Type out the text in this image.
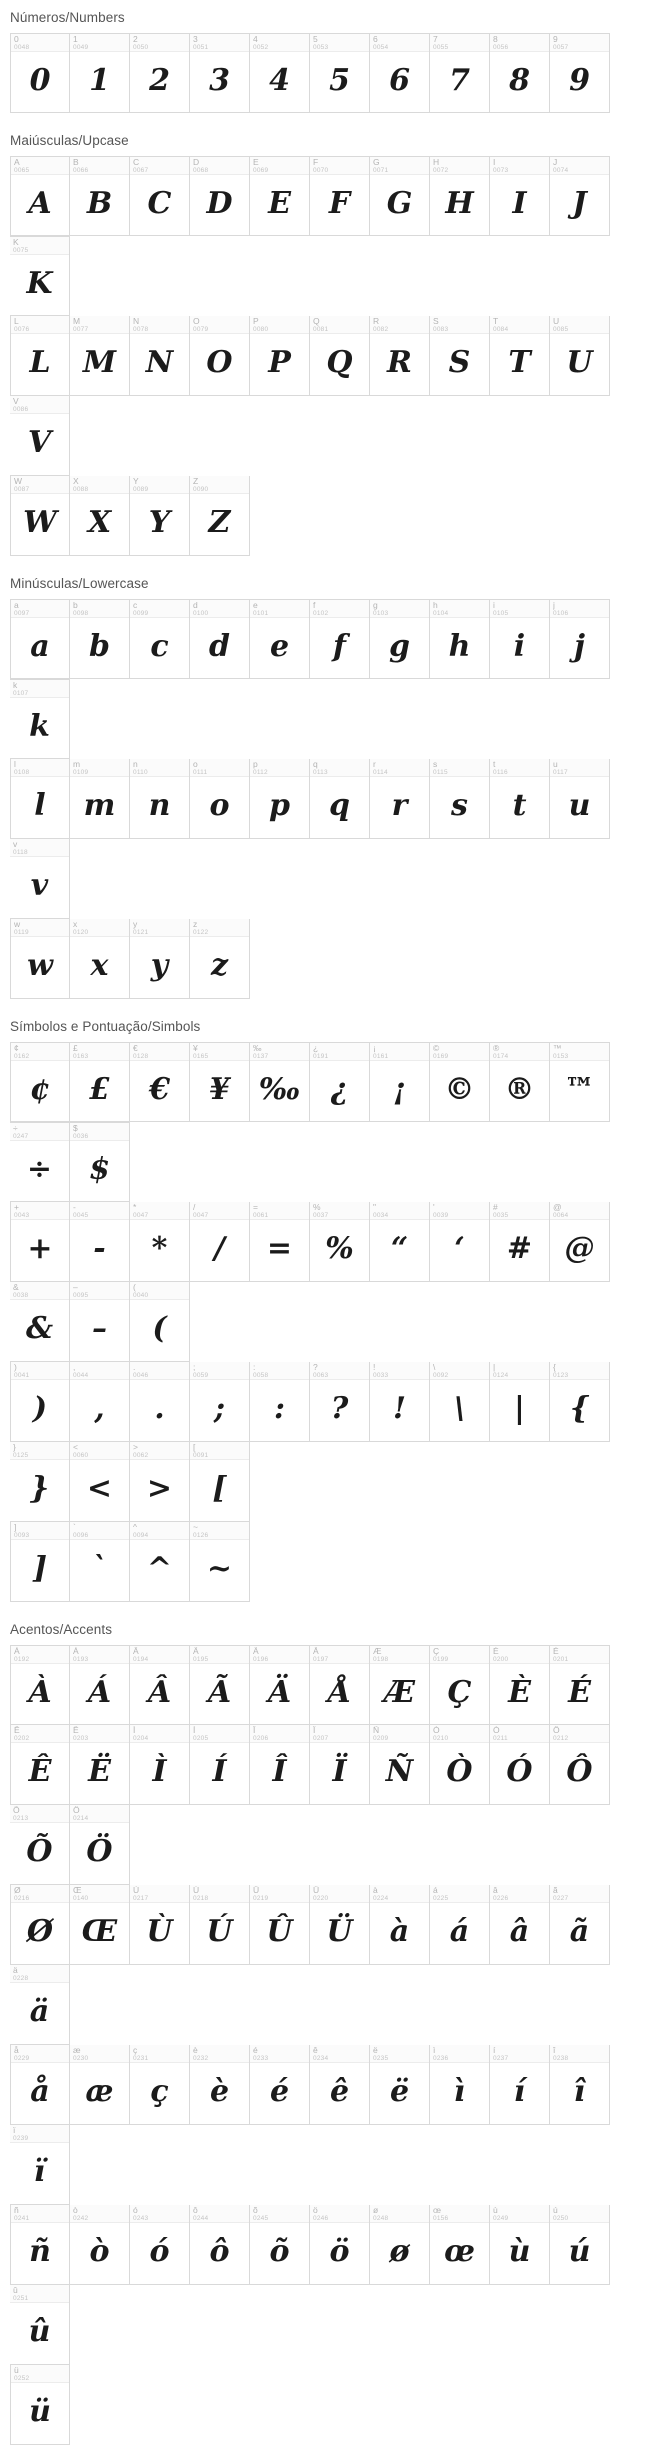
Números/Numbers
0
0048
0
1
0049
1
2
0050
2
3
0051
3
4
0052
4
5
0053
5
6
0054
6
7
0055
7
8
0056
8
9
0057
9
Maiúsculas/Upcase
A
0065
A
B
0066
B
C
0067
C
D
0068
D
E
0069
E
F
0070
F
G
0071
G
H
0072
H
I
0073
I
J
0074
J
K
0075
K
L
0076
L
M
0077
M
N
0078
N
O
0079
O
P
0080
P
Q
0081
Q
R
0082
R
S
0083
S
T
0084
T
U
0085
U
V
0086
V
W
0087
W
X
0088
X
Y
0089
Y
Z
0090
Z
Minúsculas/Lowercase
a
0097
a
b
0098
b
c
0099
c
d
0100
d
e
0101
e
f
0102
f
g
0103
g
h
0104
h
i
0105
i
j
0106
j
k
0107
k
l
0108
l
m
0109
m
n
0110
n
o
0111
o
p
0112
p
q
0113
q
r
0114
r
s
0115
s
t
0116
t
u
0117
u
v
0118
v
w
0119
w
x
0120
x
y
0121
y
z
0122
z
Símbolos e Pontuação/Simbols
¢
0162
¢
£
0163
£
€
0128
€
¥
0165
¥
‰
0137
‰
¿
0191
¿
¡
0161
¡
©
0169
©
®
0174
®
™
0153
™
÷
0247
÷
$
0036
$
+
0043
+
-
0045
-
*
0047
*
/
0047
/
=
0061
=
%
0037
%
"
0034
“
'
0039
‘
#
0035
#
@
0064
@
&
0038
&
–
0095
–
(
0040
(
)
0041
)
,
0044
,
.
0046
.
;
0059
;
:
0058
:
?
0063
?
!
0033
!
\
0092
\
|
0124
|
{
0123
{
}
0125
}
<
0060
<
>
0062
>
[
0091
[
]
0093
]
`
0096
`
^
0094
^
~
0126
~
Acentos/Accents
À
0192
À
Á
0193
Á
Â
0194
Â
Ã
0195
Ã
Ä
0196
Ä
Å
0197
Å
Æ
0198
Æ
Ç
0199
Ç
È
0200
È
É
0201
É
Ê
0202
Ê
Ë
0203
Ë
Ì
0204
Ì
Í
0205
Í
Î
0206
Î
Ï
0207
Ï
Ñ
0209
Ñ
Ò
0210
Ò
Ó
0211
Ó
Ô
0212
Ô
Õ
0213
Õ
Ö
0214
Ö
Ø
0216
Ø
Œ
0140
Œ
Ù
0217
Ù
Ú
0218
Ú
Û
0219
Û
Ü
0220
Ü
à
0224
à
á
0225
á
â
0226
â
ã
0227
ã
ä
0228
ä
å
0229
å
æ
0230
æ
ç
0231
ç
è
0232
è
é
0233
é
ê
0234
ê
ë
0235
ë
ì
0236
ì
í
0237
í
î
0238
î
ï
0239
ï
ñ
0241
ñ
ò
0242
ò
ó
0243
ó
ô
0244
ô
õ
0245
õ
ö
0246
ö
ø
0248
ø
œ
0156
œ
ù
0249
ù
ú
0250
ú
û
0251
û
ü
0252
ü
